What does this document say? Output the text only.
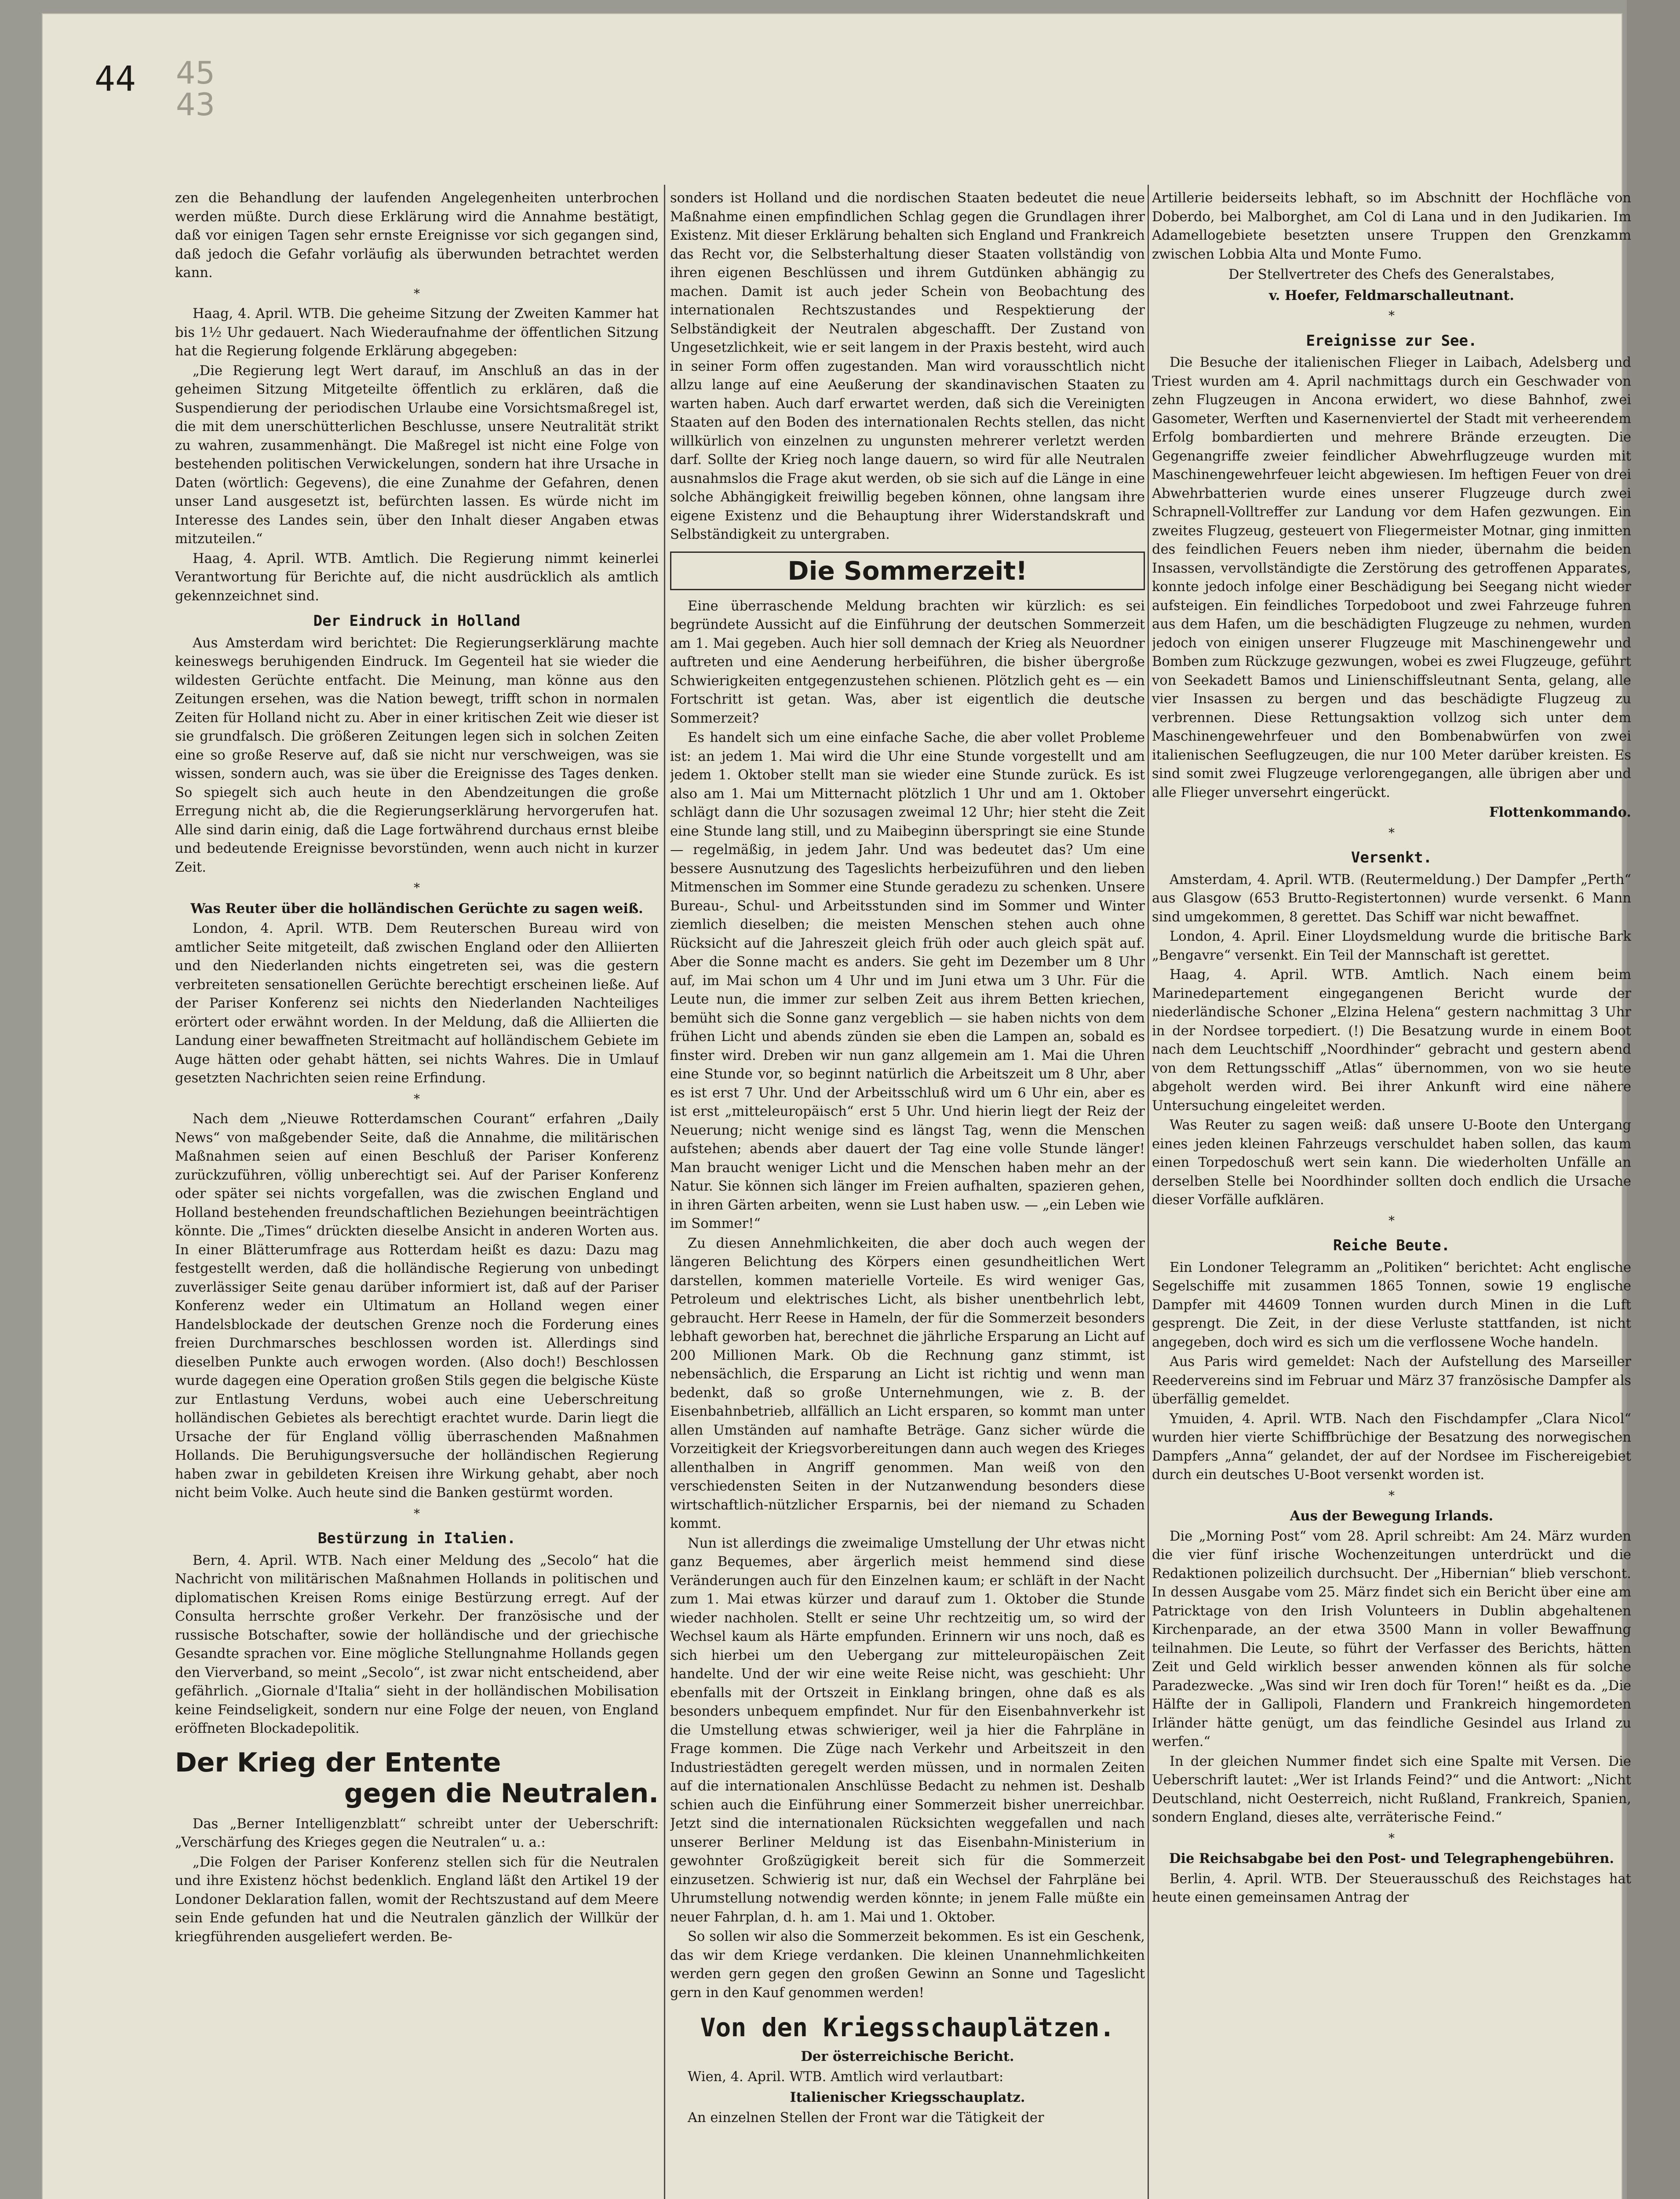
44 45
43

zen die Behandlung der laufenden Angelegenheiten unterbrochen werden müßte. Durch diese Erklärung wird die Annahme bestätigt, daß vor einigen Tagen sehr ernste Ereignisse vor sich gegangen sind, daß jedoch die Gefahr vorläufig als überwunden betrachtet werden kann.

*

Haag, 4. April. WTB. Die geheime Sitzung der Zweiten Kammer hat bis 1½ Uhr gedauert. Nach Wiederaufnahme der öffentlichen Sitzung hat die Regierung folgende Erklärung abgegeben:

„Die Regierung legt Wert darauf, im Anschluß an das in der geheimen Sitzung Mitgeteilte öffentlich zu erklären, daß die Suspendierung der periodischen Urlaube eine Vorsichtsmaßregel ist, die mit dem unerschütterlichen Beschlusse, unsere Neutralität strikt zu wahren, zusammenhängt. Die Maßregel ist nicht eine Folge von bestehenden politischen Verwickelungen, sondern hat ihre Ursache in Daten (wörtlich: Gegevens), die eine Zunahme der Gefahren, denen unser Land ausgesetzt ist, befürchten lassen. Es würde nicht im Interesse des Landes sein, über den Inhalt dieser Angaben etwas mitzuteilen.“

Haag, 4. April. WTB. Amtlich. Die Regierung nimmt keinerlei Verantwortung für Berichte auf, die nicht ausdrücklich als amtlich gekennzeichnet sind.

Der Eindruck in Holland

Aus Amsterdam wird berichtet: Die Regierungserklärung machte keineswegs beruhigenden Eindruck. Im Gegenteil hat sie wieder die wildesten Gerüchte entfacht. Die Meinung, man könne aus den Zeitungen ersehen, was die Nation bewegt, trifft schon in normalen Zeiten für Holland nicht zu. Aber in einer kritischen Zeit wie dieser ist sie grundfalsch. Die größeren Zeitungen legen sich in solchen Zeiten eine so große Reserve auf, daß sie nicht nur verschweigen, was sie wissen, sondern auch, was sie über die Ereignisse des Tages denken. So spiegelt sich auch heute in den Abendzeitungen die große Erregung nicht ab, die die Regierungserklärung hervorgerufen hat. Alle sind darin einig, daß die Lage fortwährend durchaus ernst bleibe und bedeutende Ereignisse bevorstünden, wenn auch nicht in kurzer Zeit.

*
Was Reuter über die holländischen Gerüchte zu sagen weiß.

London, 4. April. WTB. Dem Reuterschen Bureau wird von amtlicher Seite mitgeteilt, daß zwischen England oder den Alliierten und den Niederlanden nichts eingetreten sei, was die gestern verbreiteten sensationellen Gerüchte berechtigt erscheinen ließe. Auf der Pariser Konferenz sei nichts den Niederlanden Nachteiliges erörtert oder erwähnt worden. In der Meldung, daß die Alliierten die Landung einer bewaffneten Streitmacht auf holländischem Gebiete im Auge hätten oder gehabt hätten, sei nichts Wahres. Die in Umlauf gesetzten Nachrichten seien reine Erfindung.

*

Nach dem „Nieuwe Rotterdamschen Courant“ erfahren „Daily News“ von maßgebender Seite, daß die Annahme, die militärischen Maßnahmen seien auf einen Beschluß der Pariser Konferenz zurückzuführen, völlig unberechtigt sei. Auf der Pariser Konferenz oder später sei nichts vorgefallen, was die zwischen England und Holland bestehenden freundschaftlichen Beziehungen beeinträchtigen könnte. Die „Times“ drückten dieselbe Ansicht in anderen Worten aus. In einer Blätterumfrage aus Rotterdam heißt es dazu: Dazu mag festgestellt werden, daß die holländische Regierung von unbedingt zuverlässiger Seite genau darüber informiert ist, daß auf der Pariser Konferenz weder ein Ultimatum an Holland wegen einer Handelsblockade der deutschen Grenze noch die Forderung eines freien Durchmarsches beschlossen worden ist. Allerdings sind dieselben Punkte auch erwogen worden. (Also doch!) Beschlossen wurde dagegen eine Operation großen Stils gegen die belgische Küste zur Entlastung Verduns, wobei auch eine Ueberschreitung holländischen Gebietes als berechtigt erachtet wurde. Darin liegt die Ursache der für England völlig überraschenden Maßnahmen Hollands. Die Beruhigungsversuche der holländischen Regierung haben zwar in gebildeten Kreisen ihre Wirkung gehabt, aber noch nicht beim Volke. Auch heute sind die Banken gestürmt worden.

*
Bestürzung in Italien.

Bern, 4. April. WTB. Nach einer Meldung des „Secolo“ hat die Nachricht von militärischen Maßnahmen Hollands in politischen und diplomatischen Kreisen Roms einige Bestürzung erregt. Auf der Consulta herrschte großer Verkehr. Der französische und der russische Botschafter, sowie der holländische und der griechische Gesandte sprachen vor. Eine mögliche Stellungnahme Hollands gegen den Vierverband, so meint „Secolo“, ist zwar nicht entscheidend, aber gefährlich. „Giornale d'Italia“ sieht in der holländischen Mobilisation keine Feindseligkeit, sondern nur eine Folge der neuen, von England eröffneten Blockadepolitik.

Der Krieg der Entente
gegen die Neutralen.

Das „Berner Intelligenzblatt“ schreibt unter der Ueberschrift: „Verschärfung des Krieges gegen die Neutralen“ u. a.:

„Die Folgen der Pariser Konferenz stellen sich für die Neutralen und ihre Existenz höchst bedenklich. England läßt den Artikel 19 der Londoner Deklaration fallen, womit der Rechtszustand auf dem Meere sein Ende gefunden hat und die Neutralen gänzlich der Willkür der kriegführenden ausgeliefert werden. Be-

sonders ist Holland und die nordischen Staaten bedeutet die neue Maßnahme einen empfindlichen Schlag gegen die Grundlagen ihrer Existenz. Mit dieser Erklärung behalten sich England und Frankreich das Recht vor, die Selbsterhaltung dieser Staaten vollständig von ihren eigenen Beschlüssen und ihrem Gutdünken abhängig zu machen. Damit ist auch jeder Schein von Beobachtung des internationalen Rechtszustandes und Respektierung der Selbständigkeit der Neutralen abgeschafft. Der Zustand von Ungesetzlichkeit, wie er seit langem in der Praxis besteht, wird auch in seiner Form offen zugestanden. Man wird vorausschtlich nicht allzu lange auf eine Aeußerung der skandinavischen Staaten zu warten haben. Auch darf erwartet werden, daß sich die Vereinigten Staaten auf den Boden des internationalen Rechts stellen, das nicht willkürlich von einzelnen zu ungunsten mehrerer verletzt werden darf. Sollte der Krieg noch lange dauern, so wird für alle Neutralen ausnahmslos die Frage akut werden, ob sie sich auf die Länge in eine solche Abhängigkeit freiwillig begeben können, ohne langsam ihre eigene Existenz und die Behauptung ihrer Widerstandskraft und Selbständigkeit zu untergraben.

Die Sommerzeit!

Eine überraschende Meldung brachten wir kürzlich: es sei begründete Aussicht auf die Einführung der deutschen Sommerzeit am 1. Mai gegeben. Auch hier soll demnach der Krieg als Neuordner auftreten und eine Aenderung herbeiführen, die bisher übergroße Schwierigkeiten entgegenzustehen schienen. Plötzlich geht es — ein Fortschritt ist getan. Was, aber ist eigentlich die deutsche Sommerzeit?

Es handelt sich um eine einfache Sache, die aber vollet Probleme ist: an jedem 1. Mai wird die Uhr eine Stunde vorgestellt und am jedem 1. Oktober stellt man sie wieder eine Stunde zurück. Es ist also am 1. Mai um Mitternacht plötzlich 1 Uhr und am 1. Oktober schlägt dann die Uhr sozusagen zweimal 12 Uhr; hier steht die Zeit eine Stunde lang still, und zu Maibeginn überspringt sie eine Stunde — regelmäßig, in jedem Jahr. Und was bedeutet das? Um eine bessere Ausnutzung des Tageslichts herbeizuführen und den lieben Mitmenschen im Sommer eine Stunde geradezu zu schenken. Unsere Bureau-, Schul- und Arbeitsstunden sind im Sommer und Winter ziemlich dieselben; die meisten Menschen stehen auch ohne Rücksicht auf die Jahreszeit gleich früh oder auch gleich spät auf. Aber die Sonne macht es anders. Sie geht im Dezember um 8 Uhr auf, im Mai schon um 4 Uhr und im Juni etwa um 3 Uhr. Für die Leute nun, die immer zur selben Zeit aus ihrem Betten kriechen, bemüht sich die Sonne ganz vergeblich — sie haben nichts von dem frühen Licht und abends zünden sie eben die Lampen an, sobald es finster wird. Dreben wir nun ganz allgemein am 1. Mai die Uhren eine Stunde vor, so beginnt natürlich die Arbeitszeit um 8 Uhr, aber es ist erst 7 Uhr. Und der Arbeitsschluß wird um 6 Uhr ein, aber es ist erst „mitteleuropäisch“ erst 5 Uhr. Und hierin liegt der Reiz der Neuerung; nicht wenige sind es längst Tag, wenn die Menschen aufstehen; abends aber dauert der Tag eine volle Stunde länger! Man braucht weniger Licht und die Menschen haben mehr an der Natur. Sie können sich länger im Freien aufhalten, spazieren gehen, in ihren Gärten arbeiten, wenn sie Lust haben usw. — „ein Leben wie im Sommer!“

Zu diesen Annehmlichkeiten, die aber doch auch wegen der längeren Belichtung des Körpers einen gesundheitlichen Wert darstellen, kommen materielle Vorteile. Es wird weniger Gas, Petroleum und elektrisches Licht, als bisher unentbehrlich lebt, gebraucht. Herr Reese in Hameln, der für die Sommerzeit besonders lebhaft geworben hat, berechnet die jährliche Ersparung an Licht auf 200 Millionen Mark. Ob die Rechnung ganz stimmt, ist nebensächlich, die Ersparung an Licht ist richtig und wenn man bedenkt, daß so große Unternehmungen, wie z. B. der Eisenbahnbetrieb, allfällich an Licht ersparen, so kommt man unter allen Umständen auf namhafte Beträge. Ganz sicher würde die Vorzeitigkeit der Kriegsvorbereitungen dann auch wegen des Krieges allenthalben in Angriff genommen. Man weiß von den verschiedensten Seiten in der Nutzanwendung besonders diese wirtschaftlich-nützlicher Ersparnis, bei der niemand zu Schaden kommt.

Nun ist allerdings die zweimalige Umstellung der Uhr etwas nicht ganz Bequemes, aber ärgerlich meist hemmend sind diese Veränderungen auch für den Einzelnen kaum; er schläft in der Nacht zum 1. Mai etwas kürzer und darauf zum 1. Oktober die Stunde wieder nachholen. Stellt er seine Uhr rechtzeitig um, so wird der Wechsel kaum als Härte empfunden. Erinnern wir uns noch, daß es sich hierbei um den Uebergang zur mitteleuropäischen Zeit handelte. Und der wir eine weite Reise nicht, was geschieht: Uhr ebenfalls mit der Ortszeit in Einklang bringen, ohne daß es als besonders unbequem empfindet. Nur für den Eisenbahnverkehr ist die Umstellung etwas schwieriger, weil ja hier die Fahrpläne in Frage kommen. Die Züge nach Verkehr und Arbeitszeit in den Industriestädten geregelt werden müssen, und in normalen Zeiten auf die internationalen Anschlüsse Bedacht zu nehmen ist. Deshalb schien auch die Einführung einer Sommerzeit bisher unerreichbar. Jetzt sind die internationalen Rücksichten weggefallen und nach unserer Berliner Meldung ist das Eisenbahn-Ministerium in gewohnter Großzügigkeit bereit sich für die Sommerzeit einzusetzen. Schwierig ist nur, daß ein Wechsel der Fahrpläne bei Uhrumstellung notwendig werden könnte; in jenem Falle müßte ein neuer Fahrplan, d. h. am 1. Mai und 1. Oktober.

So sollen wir also die Sommerzeit bekommen. Es ist ein Geschenk, das wir dem Kriege verdanken. Die kleinen Unannehmlichkeiten werden gern gegen den großen Gewinn an Sonne und Tageslicht gern in den Kauf genommen werden!

Von den Kriegsschauplätzen.
Der österreichische Bericht.

Wien, 4. April. WTB. Amtlich wird verlautbart:

Italienischer Kriegsschauplatz.

An einzelnen Stellen der Front war die Tätigkeit der

Artillerie beiderseits lebhaft, so im Abschnitt der Hochfläche von Doberdo, bei Malborghet, am Col di Lana und in den Judikarien. Im Adamellogebiete besetzten unsere Truppen den Grenzkamm zwischen Lobbia Alta und Monte Fumo.

Der Stellvertreter des Chefs des Generalstabes,
v. Hoefer, Feldmarschalleutnant.
*
Ereignisse zur See.

Die Besuche der italienischen Flieger in Laibach, Adelsberg und Triest wurden am 4. April nachmittags durch ein Geschwader von zehn Flugzeugen in Ancona erwidert, wo diese Bahnhof, zwei Gasometer, Werften und Kasernenviertel der Stadt mit verheerendem Erfolg bombardierten und mehrere Brände erzeugten. Die Gegenangriffe zweier feindlicher Abwehrflugzeuge wurden mit Maschinengewehrfeuer leicht abgewiesen. Im heftigen Feuer von drei Abwehrbatterien wurde eines unserer Flugzeuge durch zwei Schrapnell-Volltreffer zur Landung vor dem Hafen gezwungen. Ein zweites Flugzeug, gesteuert von Fliegermeister Motnar, ging inmitten des feindlichen Feuers neben ihm nieder, übernahm die beiden Insassen, vervollständigte die Zerstörung des getroffenen Apparates, konnte jedoch infolge einer Beschädigung bei Seegang nicht wieder aufsteigen. Ein feindliches Torpedoboot und zwei Fahrzeuge fuhren aus dem Hafen, um die beschädigten Flugzeuge zu nehmen, wurden jedoch von einigen unserer Flugzeuge mit Maschinengewehr und Bomben zum Rückzuge gezwungen, wobei es zwei Flugzeuge, geführt von Seekadett Bamos und Linienschiffsleutnant Senta, gelang, alle vier Insassen zu bergen und das beschädigte Flugzeug zu verbrennen. Diese Rettungsaktion vollzog sich unter dem Maschinengewehrfeuer und den Bombenabwürfen von zwei italienischen Seeflugzeugen, die nur 100 Meter darüber kreisten. Es sind somit zwei Flugzeuge verlorengegangen, alle übrigen aber und alle Flieger unversehrt eingerückt.

Flottenkommando.
*
Versenkt.

Amsterdam, 4. April. WTB. (Reutermeldung.) Der Dampfer „Perth“ aus Glasgow (653 Brutto-Registertonnen) wurde versenkt. 6 Mann sind umgekommen, 8 gerettet. Das Schiff war nicht bewaffnet.

London, 4. April. Einer Lloydsmeldung wurde die britische Bark „Bengavre“ versenkt. Ein Teil der Mannschaft ist gerettet.

Haag, 4. April. WTB. Amtlich. Nach einem beim Marinedepartement eingegangenen Bericht wurde der niederländische Schoner „Elzina Helena“ gestern nachmittag 3 Uhr in der Nordsee torpediert. (!) Die Besatzung wurde in einem Boot nach dem Leuchtschiff „Noordhinder“ gebracht und gestern abend von dem Rettungsschiff „Atlas“ übernommen, von wo sie heute abgeholt werden wird. Bei ihrer Ankunft wird eine nähere Untersuchung eingeleitet werden.

Was Reuter zu sagen weiß: daß unsere U-Boote den Untergang eines jeden kleinen Fahrzeugs verschuldet haben sollen, das kaum einen Torpedoschuß wert sein kann. Die wiederholten Unfälle an derselben Stelle bei Noordhinder sollten doch endlich die Ursache dieser Vorfälle aufklären.

*
Reiche Beute.

Ein Londoner Telegramm an „Politiken“ berichtet: Acht englische Segelschiffe mit zusammen 1865 Tonnen, sowie 19 englische Dampfer mit 44609 Tonnen wurden durch Minen in die Luft gesprengt. Die Zeit, in der diese Verluste stattfanden, ist nicht angegeben, doch wird es sich um die verflossene Woche handeln.

Aus Paris wird gemeldet: Nach der Aufstellung des Marseiller Reedervereins sind im Februar und März 37 französische Dampfer als überfällig gemeldet.

Ymuiden, 4. April. WTB. Nach den Fischdampfer „Clara Nicol“ wurden hier vierte Schiffbrüchige der Besatzung des norwegischen Dampfers „Anna“ gelandet, der auf der Nordsee im Fischereigebiet durch ein deutsches U-Boot versenkt worden ist.

*
Aus der Bewegung Irlands.

Die „Morning Post“ vom 28. April schreibt: Am 24. März wurden die vier fünf irische Wochenzeitungen unterdrückt und die Redaktionen polizeilich durchsucht. Der „Hibernian“ blieb verschont. In dessen Ausgabe vom 25. März findet sich ein Bericht über eine am Patricktage von den Irish Volunteers in Dublin abgehaltenen Kirchenparade, an der etwa 3500 Mann in voller Bewaffnung teilnahmen. Die Leute, so führt der Verfasser des Berichts, hätten Zeit und Geld wirklich besser anwenden können als für solche Paradezwecke. „Was sind wir Iren doch für Toren!“ heißt es da. „Die Hälfte der in Gallipoli, Flandern und Frankreich hingemordeten Irländer hätte genügt, um das feindliche Gesindel aus Irland zu werfen.“

In der gleichen Nummer findet sich eine Spalte mit Versen. Die Ueberschrift lautet: „Wer ist Irlands Feind?“ und die Antwort: „Nicht Deutschland, nicht Oesterreich, nicht Rußland, Frankreich, Spanien, sondern England, dieses alte, verräterische Feind.“

*
Die Reichsabgabe bei den Post- und Telegraphengebühren.

Berlin, 4. April. WTB. Der Steuerausschuß des Reichstages hat heute einen gemeinsamen Antrag der
